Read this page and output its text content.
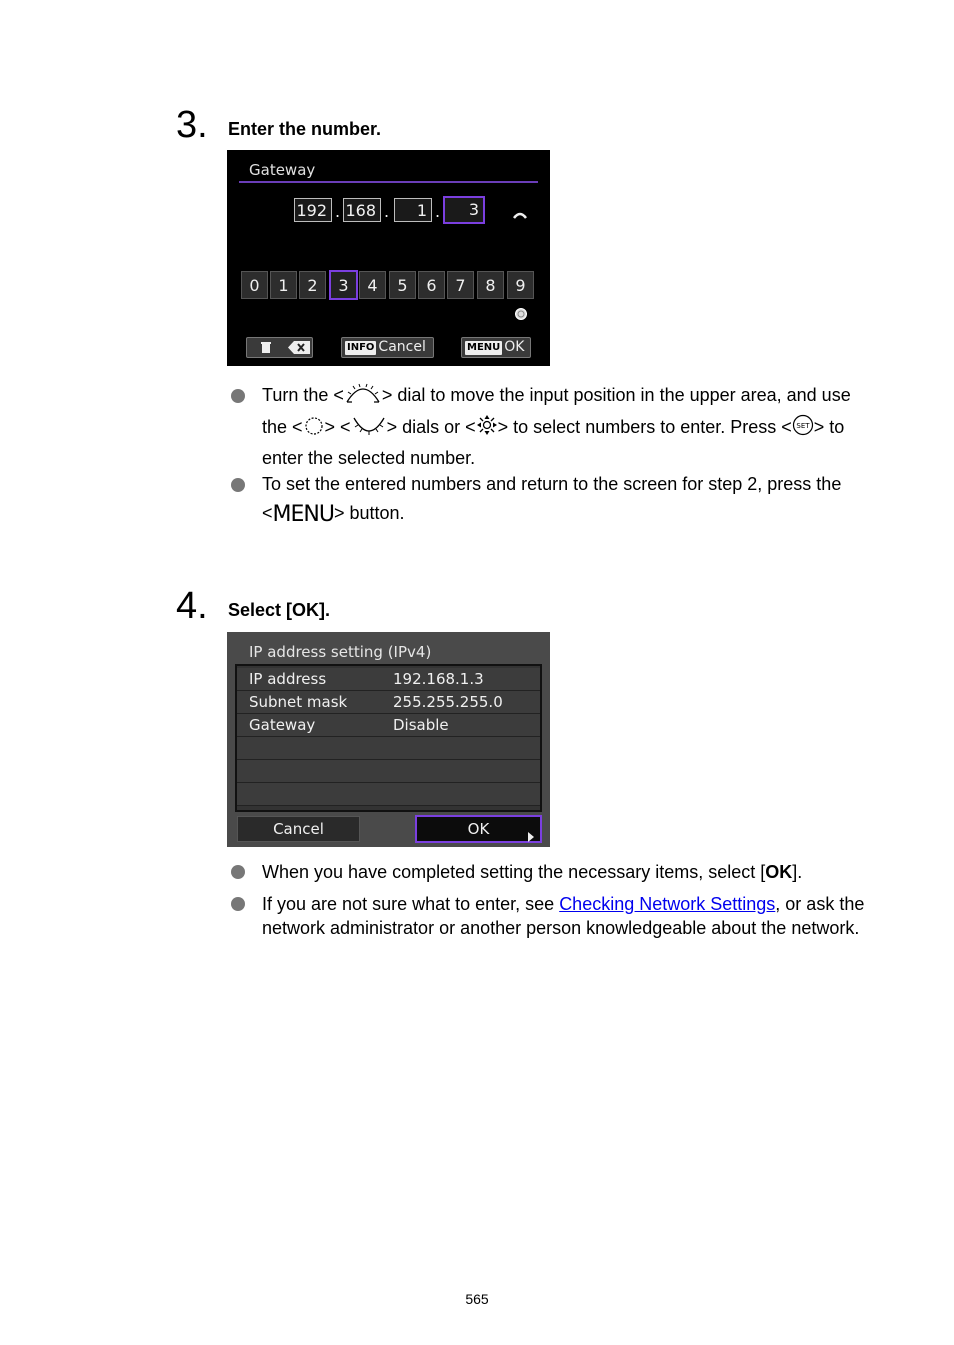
3. Enter the number.
Gateway
192 . 168 .	1 .	3
0	1	2	3	4	5	6	7	8	9
INFO Cancel	MENU OK
Turn the < > dial to move the input position in the upper area, and use the < > < > dials or < > to select numbers to enter. Press < SET > to enter the selected number.
To set the entered numbers and return to the screen for step 2, press the <MENU> button.
4. Select [OK].
IP address setting (IPv4)
IP address	192.168.1.3
Subnet mask	255.255.255.0
Gateway	Disable
Cancel	OK
When you have completed setting the necessary items, select [OK].
If you are not sure what to enter, see Checking Network Settings, or ask the network administrator or another person knowledgeable about the network.
565
